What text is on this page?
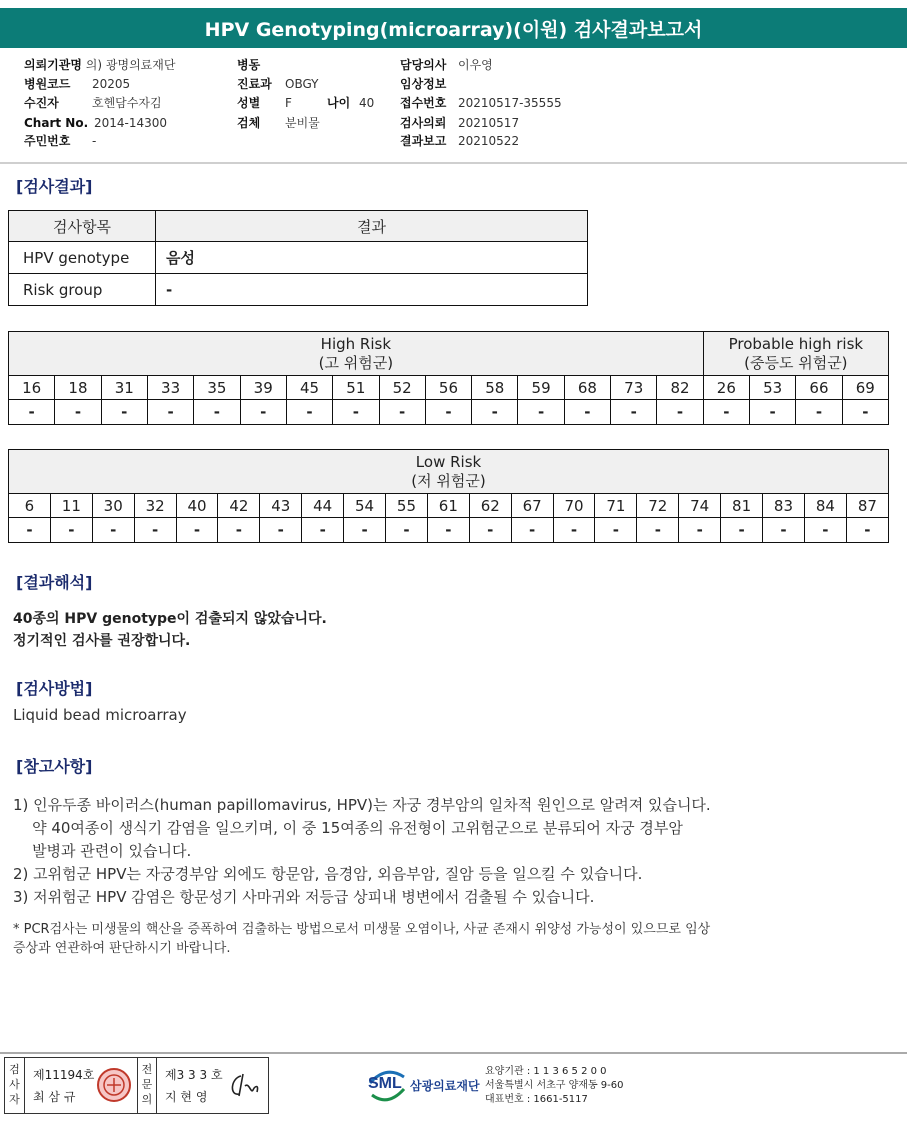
HPV Genotyping(microarray)(이원) 검사결과보고서
의뢰기관명 의) 광명의료재단
병원코드 20205
수진자	호헨담수자김
Chart No. 2014-14300
주민번호 -
병동
진료과 OBGY
성별 F	나이 40
검체 분비물
담당의사 이우영
임상정보
접수번호 20210517-35555
검사의뢰 20210517
결과보고 20210522
[검사결과]
검사항목	결과
HPV genotype	음성
Risk group	-
High Risk
(고 위험군)															Probable high risk
(중등도 위험군)			
16	18	31	33	35	39	45	51	52	56	58	59	68	73	82	26	53	66	69
-	-	-	-	-	-	-	-	-	-	-	-	-	-	-	-	-	-	-
Low Risk
(저 위험군)																				
6	11	30	32	40	42	43	44	54	55	61	62	67	70	71	72	74	81	83	84	87
-	-	-	-	-	-	-	-	-	-	-	-	-	-	-	-	-	-	-	-	-
[결과해석]
40종의 HPV genotype이 검출되지 않았습니다.
정기적인 검사를 권장합니다.
[검사방법]
Liquid bead microarray
[참고사항]
1) 인유두종 바이러스(human papillomavirus, HPV)는 자궁 경부암의 일차적 원인으로 알려져 있습니다.
약 40여종이 생식기 감염을 일으키며, 이 중 15여종의 유전형이 고위험군으로 분류되어 자궁 경부암
발병과 관련이 있습니다.
2) 고위험군 HPV는 자궁경부암 외에도 항문암, 음경암, 외음부암, 질암 등을 일으킬 수 있습니다.
3) 저위험군 HPV 감염은 항문성기 사마귀와 저등급 상피내 병변에서 검출될 수 있습니다.
* PCR검사는 미생물의 핵산을 증폭하여 검출하는 방법으로서 미생물 오염이나, 사균 존재시 위양성 가능성이 있으므로 임상
증상과 연관하여 판단하시기 바랍니다.
검
사
자
제11194호
최 삼 규
전
문
의
제3 3 3 호
지 현 영
SML 삼광의료재단
요양기관 : 1 1 3 6 5 2 0 0
서울특별시 서초구 양재동 9-60
대표번호 : 1661-5117
